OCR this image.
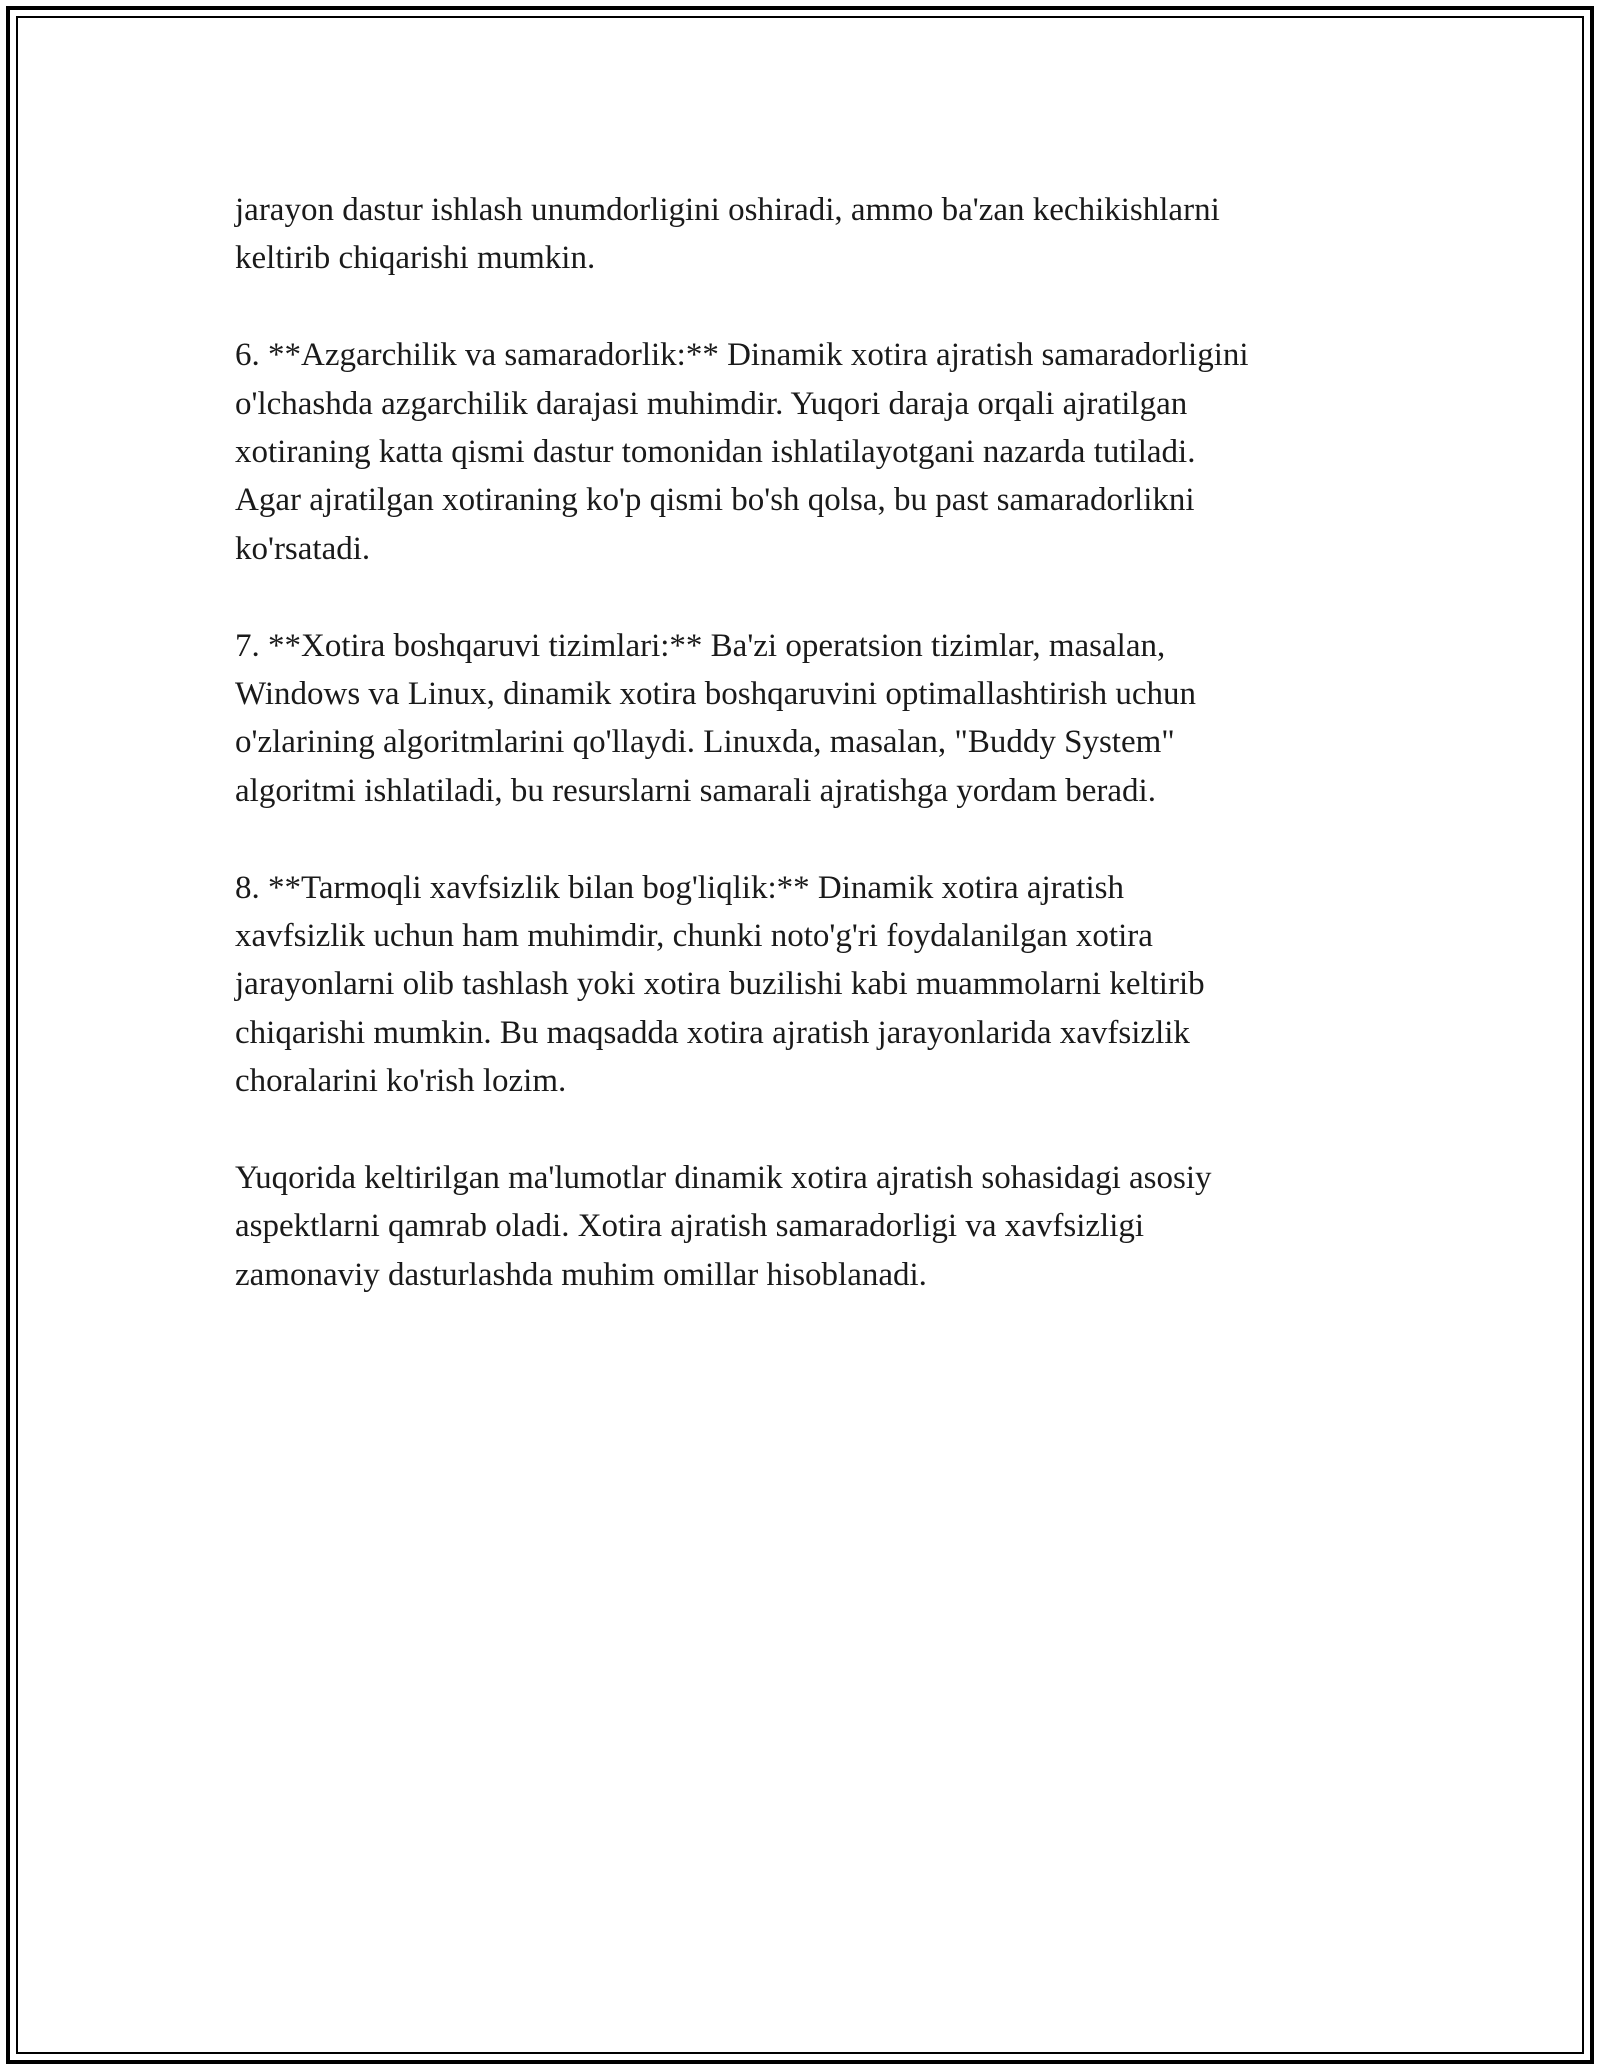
jarayon dastur ishlash unumdorligini oshiradi, ammo ba'zan kechikishlarni
keltirib chiqarishi mumkin.

6. **Azgarchilik va samaradorlik:** Dinamik xotira ajratish samaradorligini
o'lchashda azgarchilik darajasi muhimdir. Yuqori daraja orqali ajratilgan
xotiraning katta qismi dastur tomonidan ishlatilayotgani nazarda tutiladi.
Agar ajratilgan xotiraning ko'p qismi bo'sh qolsa, bu past samaradorlikni
ko'rsatadi.

7. **Xotira boshqaruvi tizimlari:** Ba'zi operatsion tizimlar, masalan,
Windows va Linux, dinamik xotira boshqaruvini optimallashtirish uchun
o'zlarining algoritmlarini qo'llaydi. Linuxda, masalan, "Buddy System"
algoritmi ishlatiladi, bu resurslarni samarali ajratishga yordam beradi.

8. **Tarmoqli xavfsizlik bilan bog'liqlik:** Dinamik xotira ajratish
xavfsizlik uchun ham muhimdir, chunki noto'g'ri foydalanilgan xotira
jarayonlarni olib tashlash yoki xotira buzilishi kabi muammolarni keltirib
chiqarishi mumkin. Bu maqsadda xotira ajratish jarayonlarida xavfsizlik
choralarini ko'rish lozim.

Yuqorida keltirilgan ma'lumotlar dinamik xotira ajratish sohasidagi asosiy
aspektlarni qamrab oladi. Xotira ajratish samaradorligi va xavfsizligi
zamonaviy dasturlashda muhim omillar hisoblanadi.
